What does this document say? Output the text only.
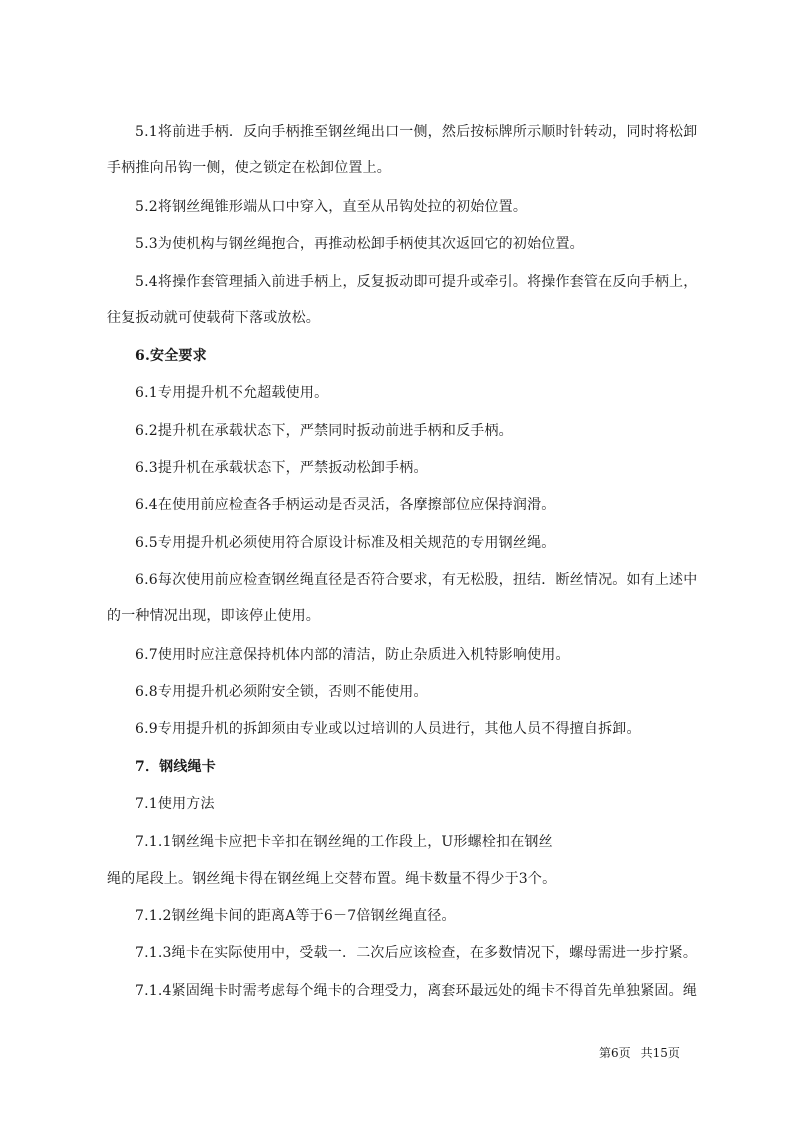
5.1将前进手柄．反向手柄推至钢丝绳出口一侧，然后按标牌所示顺时针转动，同时将松卸
手柄推向吊钩一侧，使之锁定在松卸位置上。
5.2将钢丝绳锥形端从口中穿入，直至从吊钩处拉的初始位置。
5.3为使机构与钢丝绳抱合，再推动松卸手柄使其次返回它的初始位置。
5.4将操作套管理插入前进手柄上，反复扳动即可提升或牵引。将操作套管在反向手柄上，
往复扳动就可使载荷下落或放松。
6.安全要求
6.1专用提升机不允超载使用。
6.2提升机在承载状态下，严禁同时扳动前进手柄和反手柄。
6.3提升机在承载状态下，严禁扳动松卸手柄。
6.4在使用前应检查各手柄运动是否灵活，各摩擦部位应保持润滑。
6.5专用提升机必须使用符合原设计标准及相关规范的专用钢丝绳。
6.6每次使用前应检查钢丝绳直径是否符合要求，有无松股，扭结．断丝情况。如有上述中
的一种情况出现，即该停止使用。
6.7使用时应注意保持机体内部的清洁，防止杂质进入机特影响使用。
6.8专用提升机必须附安全锁，否则不能使用。
6.9专用提升机的拆卸须由专业或以过培训的人员进行，其他人员不得擅自拆卸。
7．钢线绳卡
7.1使用方法
7.1.1钢丝绳卡应把卡辛扣在钢丝绳的工作段上，U形螺栓扣在钢丝
绳的尾段上。钢丝绳卡得在钢丝绳上交替布置。绳卡数量不得少于3个。
7.1.2钢丝绳卡间的距离A等于6－7倍钢丝绳直径。
7.1.3绳卡在实际使用中，受载一．二次后应该检查，在多数情况下，螺母需进一步拧紧。
7.1.4紧固绳卡时需考虑每个绳卡的合理受力，离套环最远处的绳卡不得首先单独紧固。绳
第6页 共15页
